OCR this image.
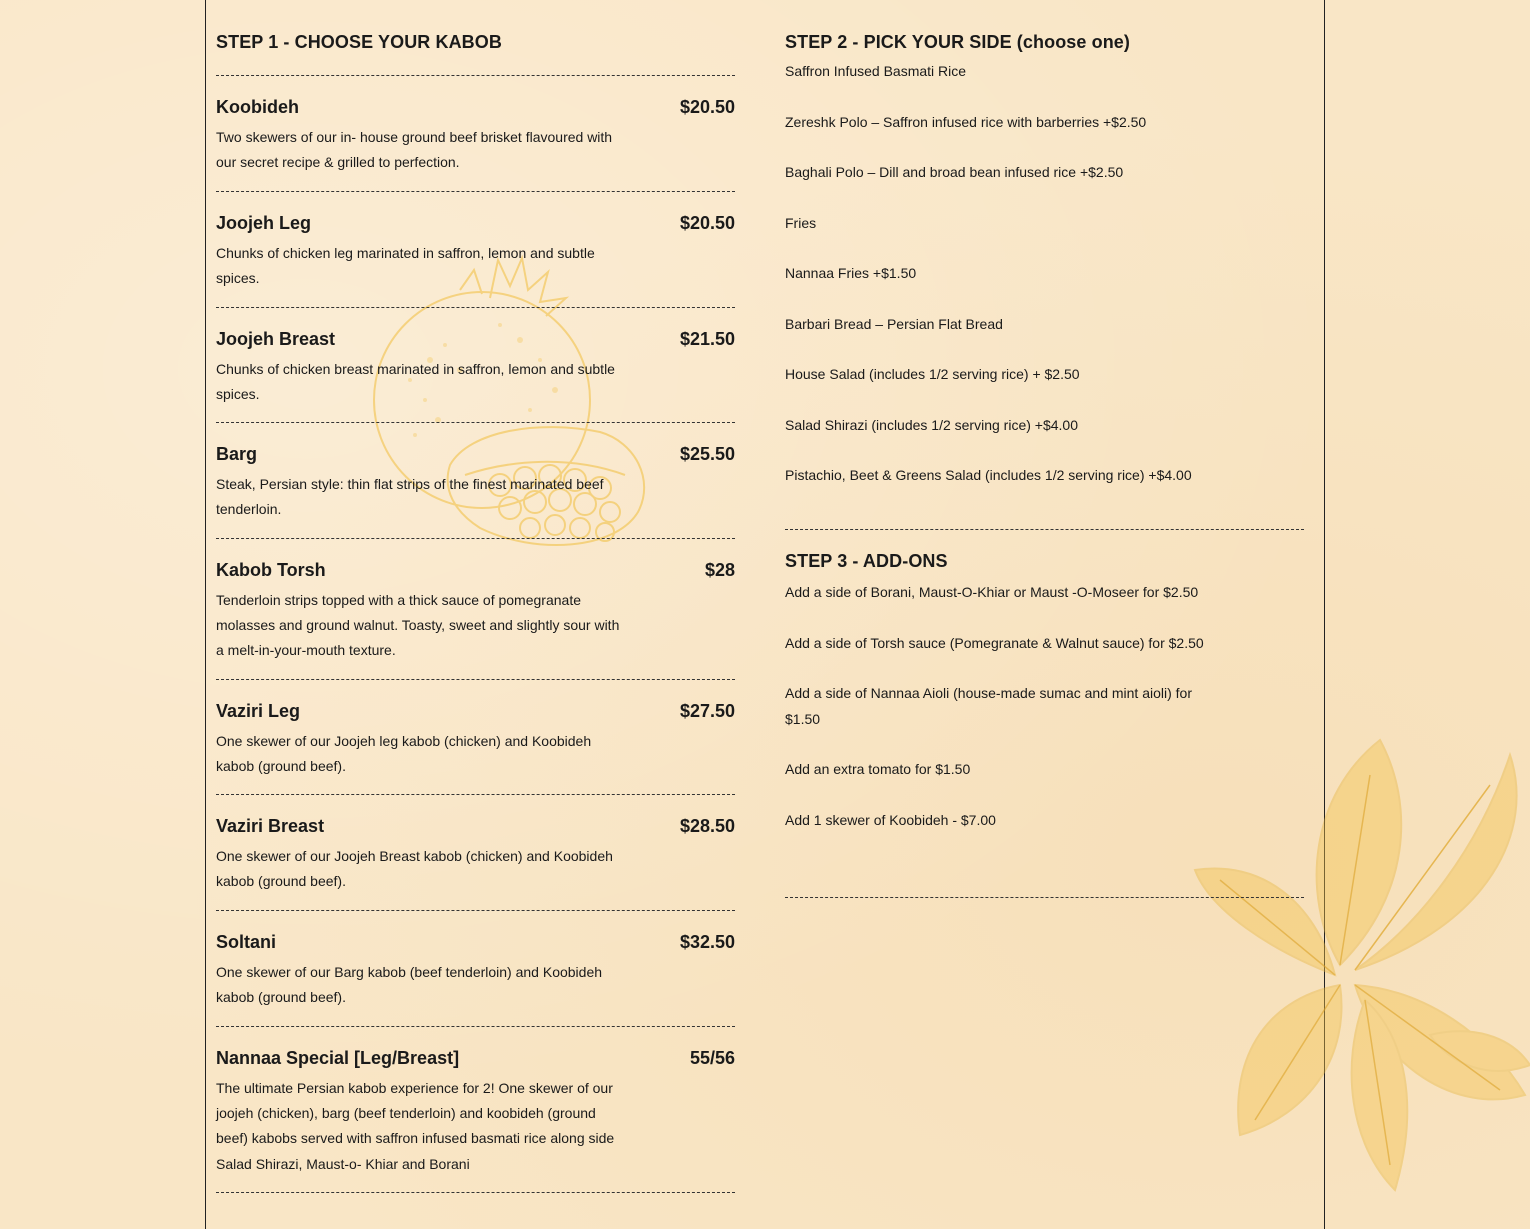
STEP 1 - CHOOSE YOUR KABOB
Koobideh	$20.50
Two skewers of our in- house ground beef brisket flavoured with our secret recipe & grilled to perfection.
Joojeh Leg	$20.50
Chunks of chicken leg marinated in saffron, lemon and subtle spices.
Joojeh Breast	$21.50
Chunks of chicken breast marinated in saffron, lemon and subtle spices.
Barg	$25.50
Steak, Persian style: thin flat strips of the finest marinated beef tenderloin.
Kabob Torsh	$28
Tenderloin strips topped with a thick sauce of pomegranate molasses and ground walnut. Toasty, sweet and slightly sour with a melt-in-your-mouth texture.
Vaziri Leg	$27.50
One skewer of our Joojeh leg kabob (chicken) and Koobideh kabob (ground beef).
Vaziri Breast	$28.50
One skewer of our Joojeh Breast kabob (chicken) and Koobideh kabob (ground beef).
Soltani	$32.50
One skewer of our Barg kabob (beef tenderloin) and Koobideh kabob (ground beef).
Nannaa Special [Leg/Breast]	55/56
The ultimate Persian kabob experience for 2! One skewer of our joojeh (chicken), barg (beef tenderloin) and koobideh (ground beef) kabobs served with saffron infused basmati rice along side Salad Shirazi, Maust-o- Khiar and Borani
STEP 2 - PICK YOUR SIDE (choose one)
Saffron Infused Basmati Rice
Zereshk Polo – Saffron infused rice with barberries +$2.50
Baghali Polo – Dill and broad bean infused rice +$2.50
Fries
Nannaa Fries +$1.50
Barbari Bread – Persian Flat Bread
House Salad (includes 1/2 serving rice) + $2.50
Salad Shirazi (includes 1/2 serving rice) +$4.00
Pistachio, Beet & Greens Salad (includes 1/2 serving rice) +$4.00
STEP 3 - ADD-ONS
Add a side of Borani, Maust-O-Khiar or Maust -O-Moseer for $2.50
Add a side of Torsh sauce (Pomegranate & Walnut sauce) for $2.50
Add a side of Nannaa Aioli (house-made sumac and mint aioli) for $1.50
Add an extra tomato for $1.50
Add 1 skewer of Koobideh - $7.00
